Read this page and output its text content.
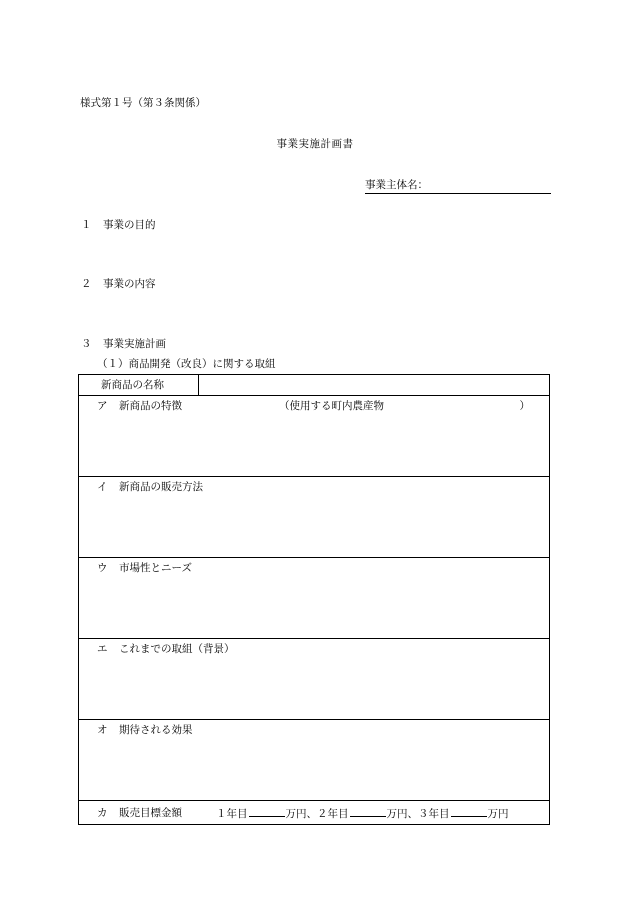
様式第１号（第３条関係）
事業実施計画書
事業主体名：
１ 事業の目的
２ 事業の内容
３ 事業実施計画
（１）商品開発（改良）に関する取組
新商品の名称
ア 新商品の特徴	（使用する町内農産物	）
イ 新商品の販売方法
ウ 市場性とニーズ
エ これまでの取組（背景）
オ 期待される効果
カ 販売目標金額	１年目	万円、２年目	万円、３年目	万円
